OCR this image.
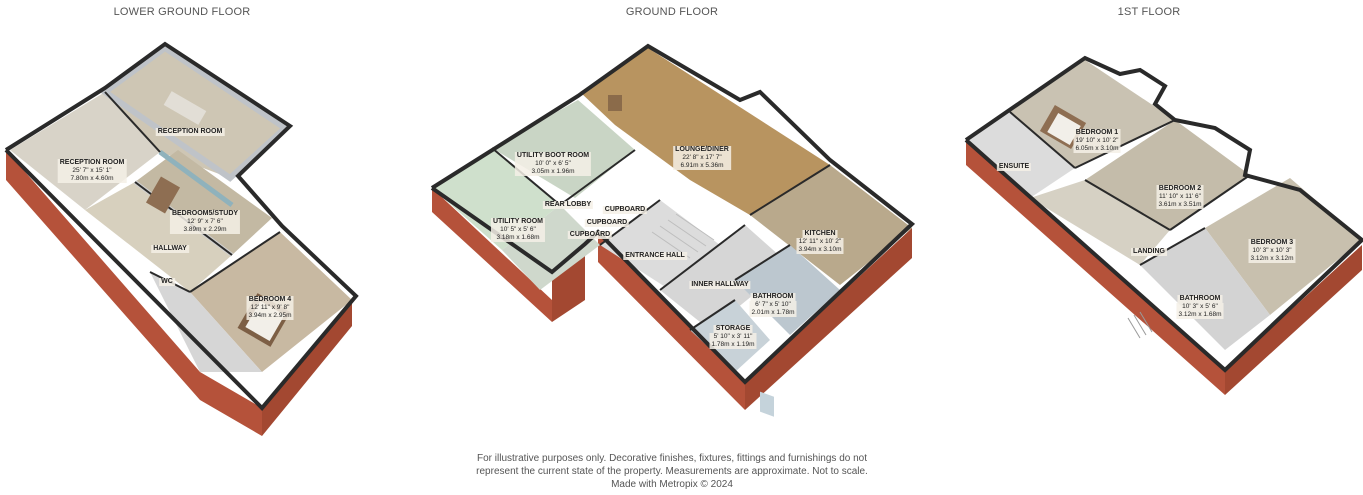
LOWER GROUND FLOOR	GROUND FLOOR	1ST FLOOR
RECEPTION ROOM
RECEPTION ROOM
25' 7" x 15' 1"
7.80m x 4.60m
BEDROOM5/STUDY
12' 9" x 7' 6"
3.89m x 2.29m
HALLWAY
WC
BEDROOM 4
12' 11" x 9' 8"
3.94m x 2.95m
LOUNGE/DINER
22' 8" x 17' 7"
6.91m x 5.36m
UTILITY BOOT ROOM
10' 0" x 6' 5"
3.05m x 1.96m
REAR LOBBY
CUPBOARD
CUPBOARD
CUPBOARD
UTILITY ROOM
10' 5" x 5' 6"
3.18m x 1.68m
KITCHEN
12' 11" x 10' 2"
3.94m x 3.10m
ENTRANCE HALL
INNER HALLWAY
BATHROOM
6' 7" x 5' 10"
2.01m x 1.78m
STORAGE
5' 10" x 3' 11"
1.78m x 1.19m
BEDROOM 1
19' 10" x 10' 2"
6.05m x 3.10m
ENSUITE
BEDROOM 2
11' 10" x 11' 6"
3.61m x 3.51m
BEDROOM 3
10' 3" x 10' 3"
3.12m x 3.12m
LANDING
BATHROOM
10' 3" x 5' 6"
3.12m x 1.68m
For illustrative purposes only. Decorative finishes, fixtures, fittings and furnishings do not
represent the current state of the property. Measurements are approximate. Not to scale.
Made with Metropix © 2024
